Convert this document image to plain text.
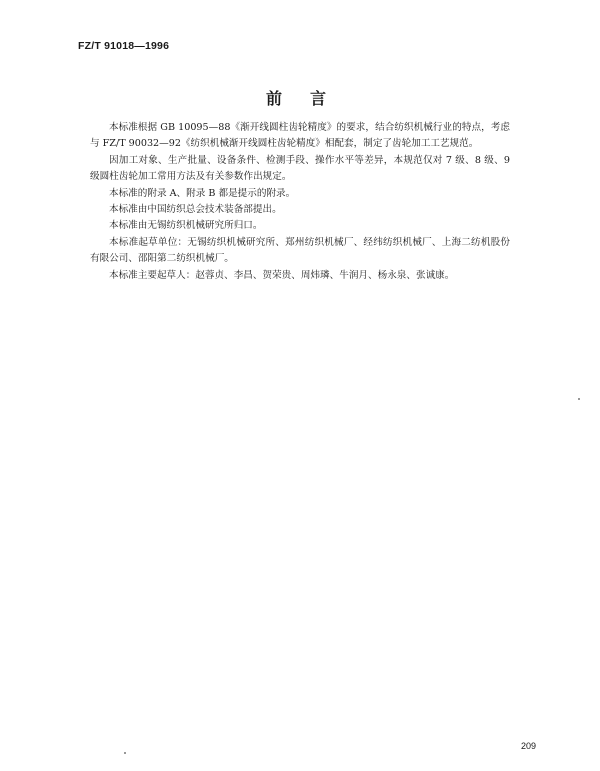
FZ/T 91018—1996
前言

本标准根据 GB 10095—88《渐开线圆柱齿轮精度》的要求，结合纺织机械行业的特点，考虑与 FZ/T 90032—92《纺织机械渐开线圆柱齿轮精度》相配套，制定了齿轮加工工艺规范。

因加工对象、生产批量、设备条件、检测手段、操作水平等差异，本规范仅对 7 级、8 级、9 级圆柱齿轮加工常用方法及有关参数作出规定。

本标准的附录 A、附录 B 都是提示的附录。

本标准由中国纺织总会技术装备部提出。

本标准由无锡纺织机械研究所归口。

本标准起草单位：无锡纺织机械研究所、郑州纺织机械厂、经纬纺织机械厂、上海二纺机股份有限公司、邵阳第二纺织机械厂。

本标准主要起草人：赵蓉贞、李昌、贺荣贵、周炜璘、牛润月、杨永泉、张诚康。

209
